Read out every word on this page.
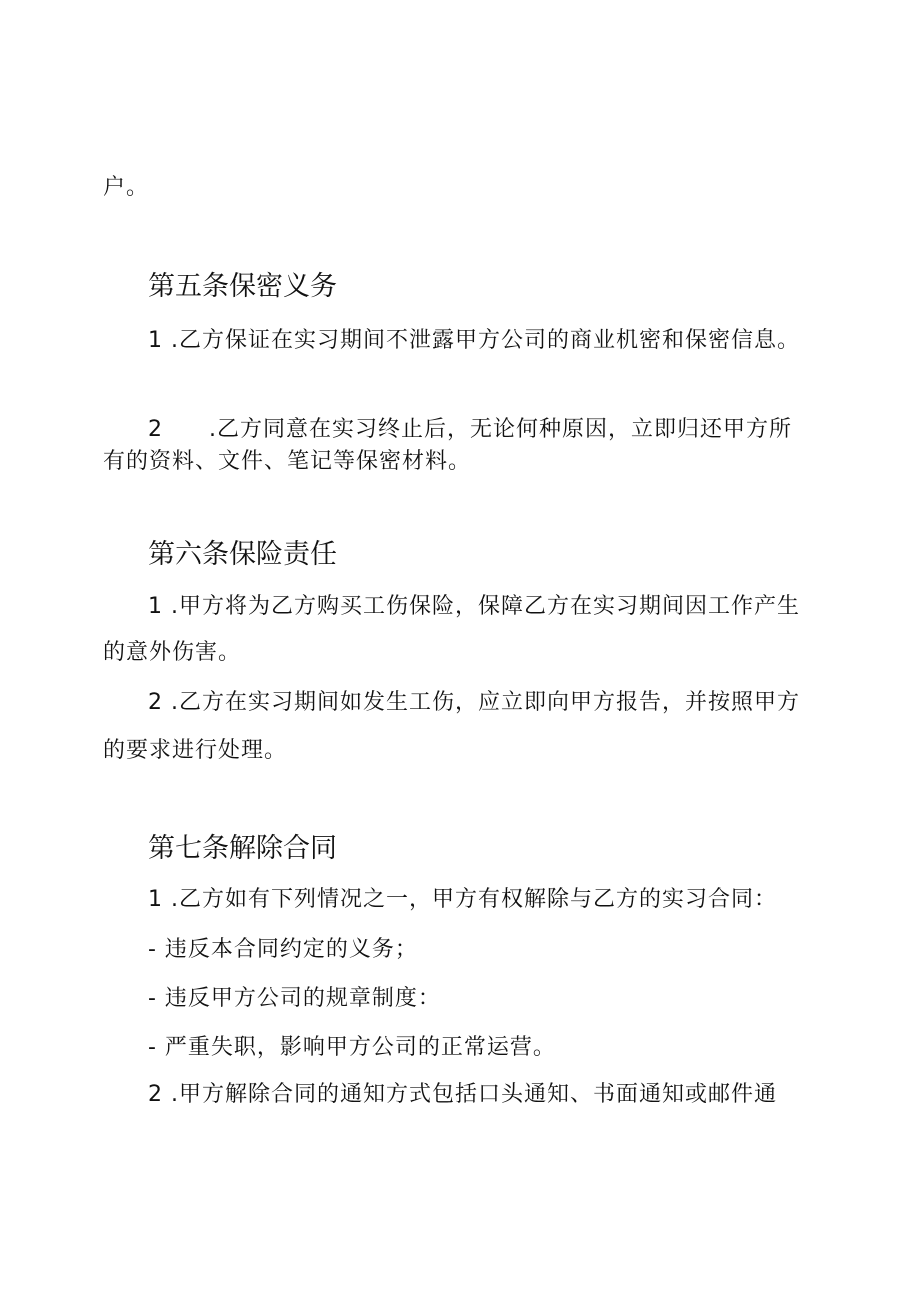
户。
第五条保密义务
1 .乙方保证在实习期间不泄露甲方公司的商业机密和保密信息。
2 .乙方同意在实习终止后，无论何种原因，立即归还甲方所
有的资料、文件、笔记等保密材料。
第六条保险责任
1 .甲方将为乙方购买工伤保险，保障乙方在实习期间因工作产生
的意外伤害。
2 .乙方在实习期间如发生工伤，应立即向甲方报告，并按照甲方
的要求进行处理。
第七条解除合同
1 .乙方如有下列情况之一，甲方有权解除与乙方的实习合同：
- 违反本合同约定的义务；
- 违反甲方公司的规章制度：
- 严重失职，影响甲方公司的正常运营。
2 .甲方解除合同的通知方式包括口头通知、书面通知或邮件通
